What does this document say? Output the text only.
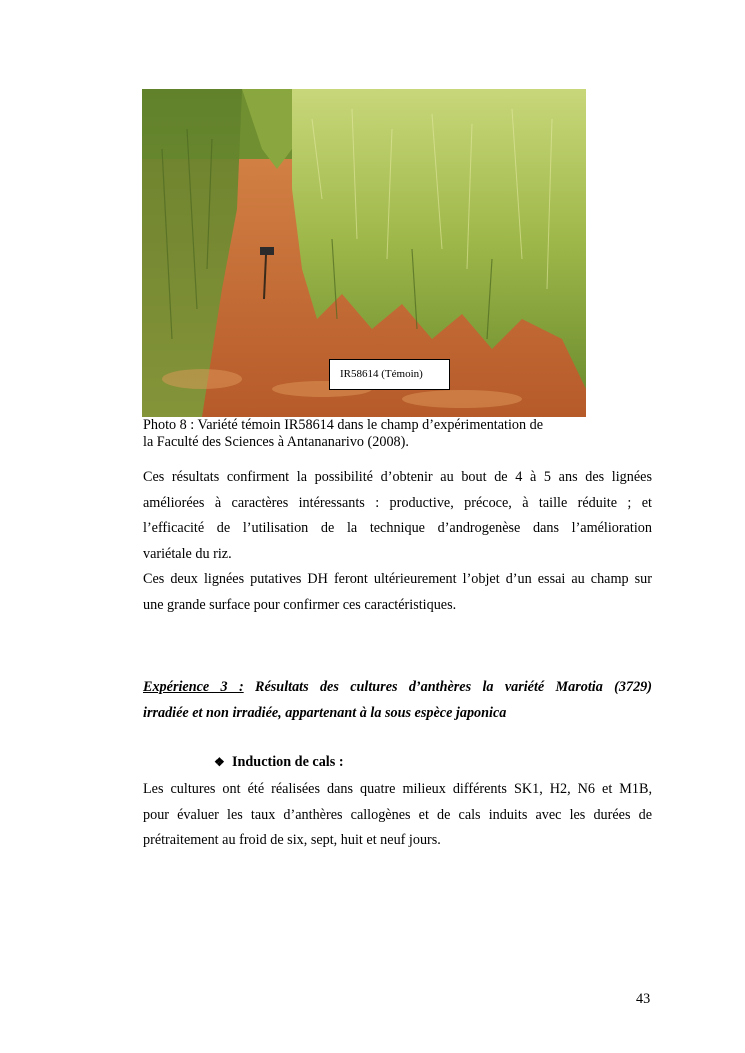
IR58614 (Témoin)
Photo 8 : Variété témoin IR58614 dans le champ d’expérimentation de
la Faculté des Sciences à Antananarivo (2008).
Ces résultats confirment la possibilité d’obtenir au bout de 4 à 5 ans des lignées
améliorées à caractères intéressants : productive, précoce, à taille réduite ; et
l’efficacité de l’utilisation de la technique d’androgenèse dans l’amélioration
variétale du riz.
Ces deux lignées putatives DH feront ultérieurement l’objet d’un essai au champ sur
une grande surface pour confirmer ces caractéristiques.
Expérience 3 : Résultats des cultures d’anthères la variété Marotia (3729)
irradiée et non irradiée, appartenant à la sous espèce japonica
❖ Induction de cals :
Les cultures ont été réalisées dans quatre milieux différents SK1, H2, N6 et M1B,
pour évaluer les taux d’anthères callogènes et de cals induits avec les durées de
prétraitement au froid de six, sept, huit et neuf jours.
43
